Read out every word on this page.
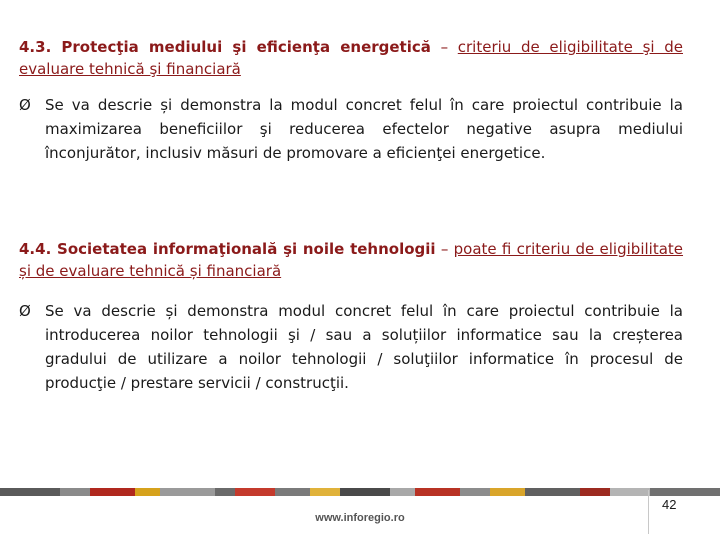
4.3. Protecţia mediului şi eficienţa energetică – criteriu de eligibilitate şi de evaluare tehnică şi financiară
Ø Se va descrie și demonstra la modul concret felul în care proiectul contribuie la maximizarea beneficiilor şi reducerea efectelor negative asupra mediului înconjurător, inclusiv măsuri de promovare a eficienţei energetice.
4.4. Societatea informaţională şi noile tehnologii – poate fi criteriu de eligibilitate și de evaluare tehnică și financiară
Ø Se va descrie și demonstra modul concret felul în care proiectul contribuie la introducerea noilor tehnologii şi / sau a soluțiilor informatice sau la creșterea gradului de utilizare a noilor tehnologii / soluţiilor informatice în procesul de producţie / prestare servicii / construcţii.
42
www.inforegio.ro
